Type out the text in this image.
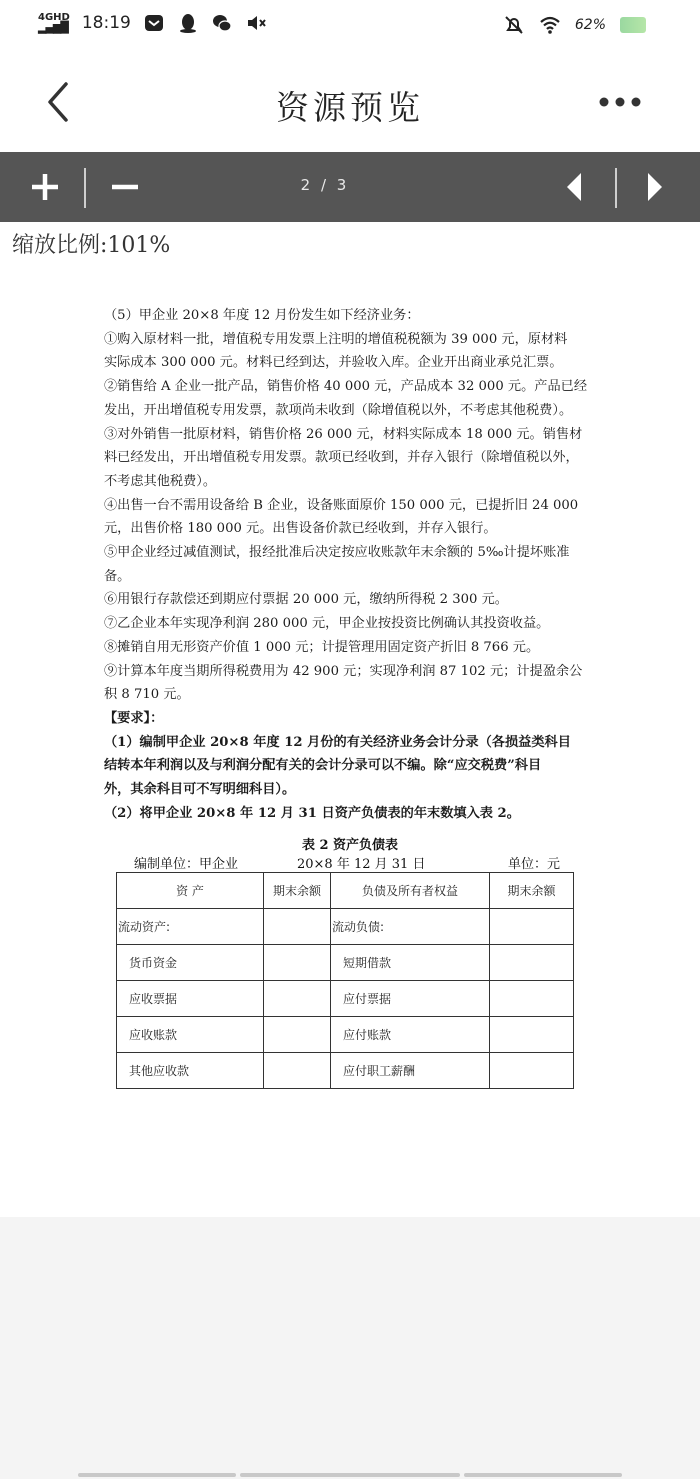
4GHD
▂▄▆█ 18:19	62%
资源预览
2 / 3
缩放比例:101%

（5）甲企业 20×8 年度 12 月份发生如下经济业务：

①购入原材料一批，增值税专用发票上注明的增值税税额为 39 000 元，原材料

实际成本 300 000 元。材料已经到达，并验收入库。企业开出商业承兑汇票。

②销售给 A 企业一批产品，销售价格 40 000 元，产品成本 32 000 元。产品已经

发出，开出增值税专用发票，款项尚未收到（除增值税以外，不考虑其他税费）。

③对外销售一批原材料，销售价格 26 000 元，材料实际成本 18 000 元。销售材

料已经发出，开出增值税专用发票。款项已经收到，并存入银行（除增值税以外，

不考虑其他税费）。

④出售一台不需用设备给 B 企业，设备账面原价 150 000 元，已提折旧 24 000

元，出售价格 180 000 元。出售设备价款已经收到，并存入银行。

⑤甲企业经过减值测试，报经批准后决定按应收账款年末余额的 5‰计提坏账准

备。

⑥用银行存款偿还到期应付票据 20 000 元，缴纳所得税 2 300 元。

⑦乙企业本年实现净利润 280 000 元，甲企业按投资比例确认其投资收益。

⑧摊销自用无形资产价值 1 000 元；计提管理用固定资产折旧 8 766 元。

⑨计算本年度当期所得税费用为 42 900 元；实现净利润 87 102 元；计提盈余公

积 8 710 元。

【要求】：

（1）编制甲企业 20×8 年度 12 月份的有关经济业务会计分录（各损益类科目

结转本年利润以及与利润分配有关的会计分录可以不编。除“应交税费”科目

外，其余科目可不写明细科目）。

（2）将甲企业 20×8 年 12 月 31 日资产负债表的年末数填入表 2。

表 2 资产负债表
编制单位：甲企业	20×8 年 12 月 31 日	单位：元
资 产	期末余额	负债及所有者权益	期末余额
流动资产:		流动负债:	
货币资金		短期借款	
应收票据		应付票据	
应收账款		应付账款	
其他应收款		应付职工薪酬	
